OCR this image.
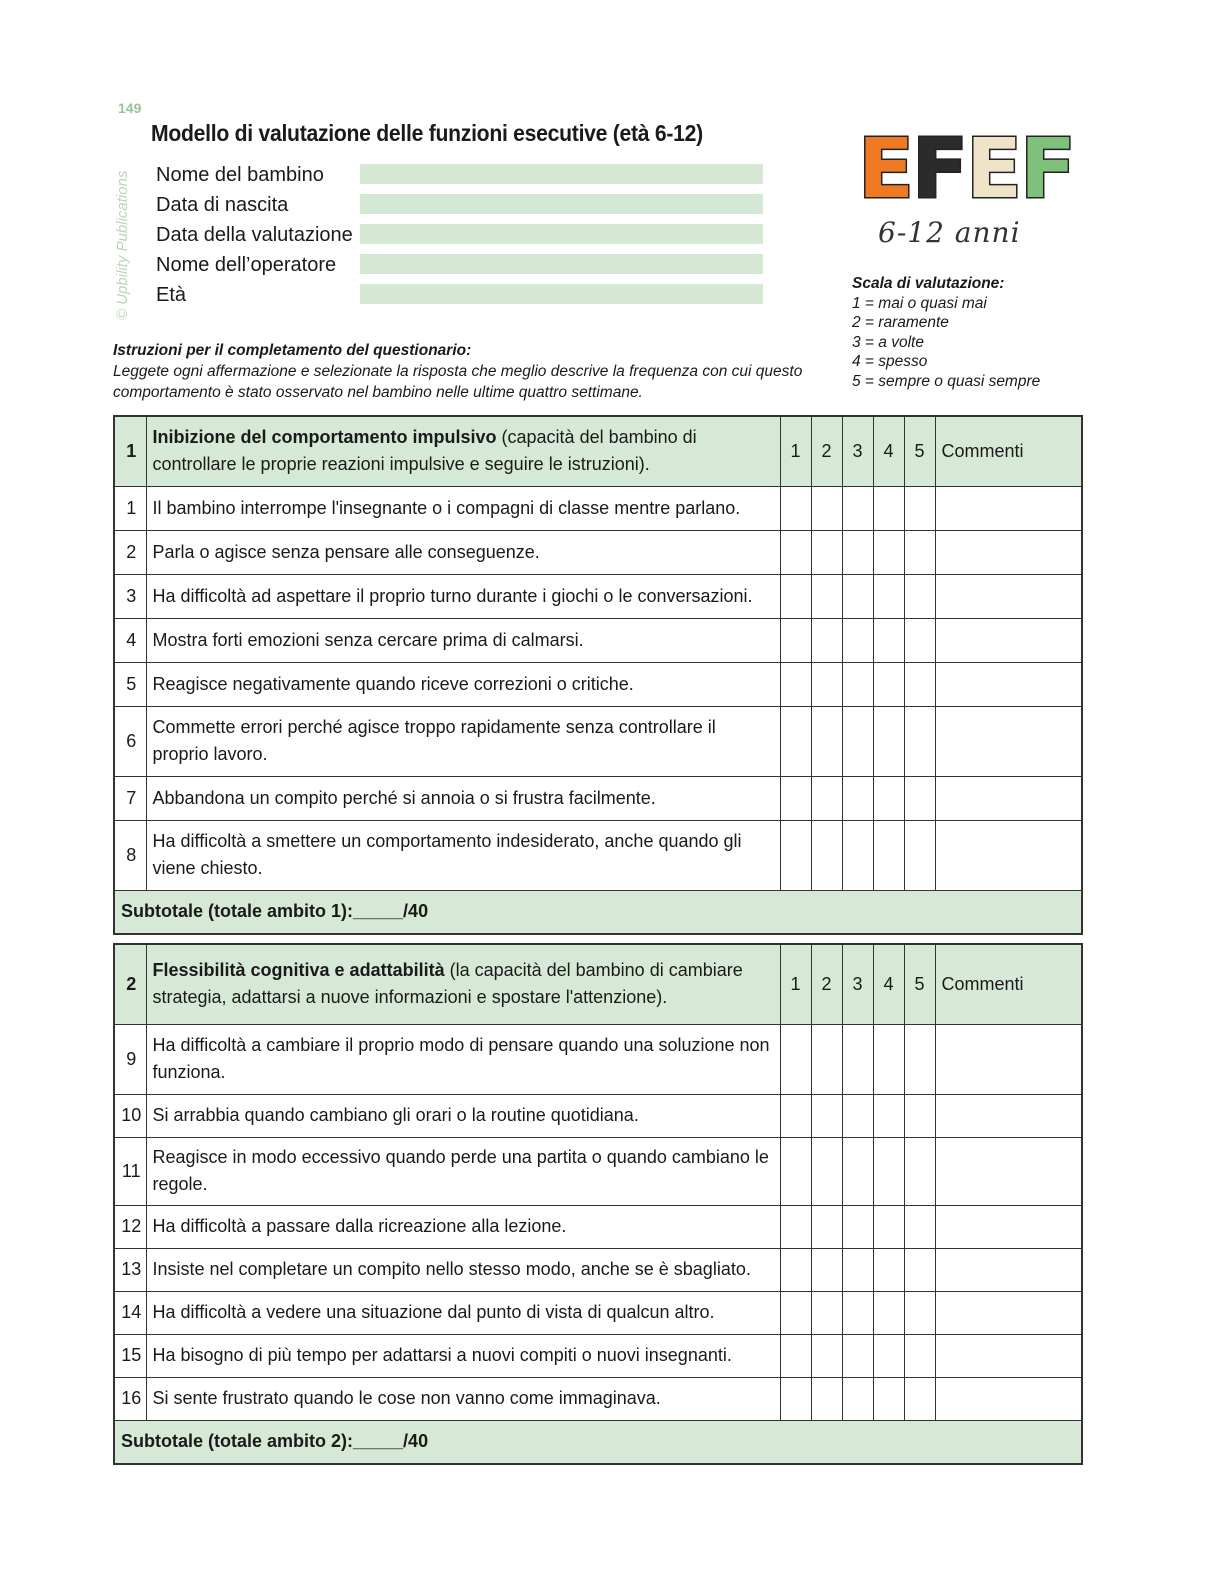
149
© Upbility Publications
Modello di valutazione delle funzioni esecutive (età 6-12)
Nome del bambino
Data di nascita
Data della valutazione
Nome dell’operatore
Età
E F E F
6-12 anni
Scala di valutazione:
1 = mai o quasi mai
2 = raramente
3 = a volte
4 = spesso
5 = sempre o quasi sempre
Istruzioni per il completamento del questionario:
Leggete ogni affermazione e selezionate la risposta che meglio descrive la frequenza con cui questo comportamento è stato osservato nel bambino nelle ultime quattro settimane.
1	Inibizione del comportamento impulsivo (capacità del bambino di controllare le proprie reazioni impulsive e seguire le istruzioni).	1	2	3	4	5	Commenti
1	Il bambino interrompe l'insegnante o i compagni di classe mentre parlano.						
2	Parla o agisce senza pensare alle conseguenze.						
3	Ha difficoltà ad aspettare il proprio turno durante i giochi o le conversazioni.						
4	Mostra forti emozioni senza cercare prima di calmarsi.						
5	Reagisce negativamente quando riceve correzioni o critiche.						
6	Commette errori perché agisce troppo rapidamente senza controllare il proprio lavoro.						
7	Abbandona un compito perché si annoia o si frustra facilmente.						
8	Ha difficoltà a smettere un comportamento indesiderato, anche quando gli viene chiesto.						
Subtotale (totale ambito 1):_____/40							
2	Flessibilità cognitiva e adattabilità (la capacità del bambino di cambiare strategia, adattarsi a nuove informazioni e spostare l'attenzione).	1	2	3	4	5	Commenti
9	Ha difficoltà a cambiare il proprio modo di pensare quando una soluzione non funziona.						
10	Si arrabbia quando cambiano gli orari o la routine quotidiana.						
11	Reagisce in modo eccessivo quando perde una partita o quando cambiano le regole.						
12	Ha difficoltà a passare dalla ricreazione alla lezione.						
13	Insiste nel completare un compito nello stesso modo, anche se è sbagliato.						
14	Ha difficoltà a vedere una situazione dal punto di vista di qualcun altro.						
15	Ha bisogno di più tempo per adattarsi a nuovi compiti o nuovi insegnanti.						
16	Si sente frustrato quando le cose non vanno come immaginava.						
Subtotale (totale ambito 2):_____/40							
